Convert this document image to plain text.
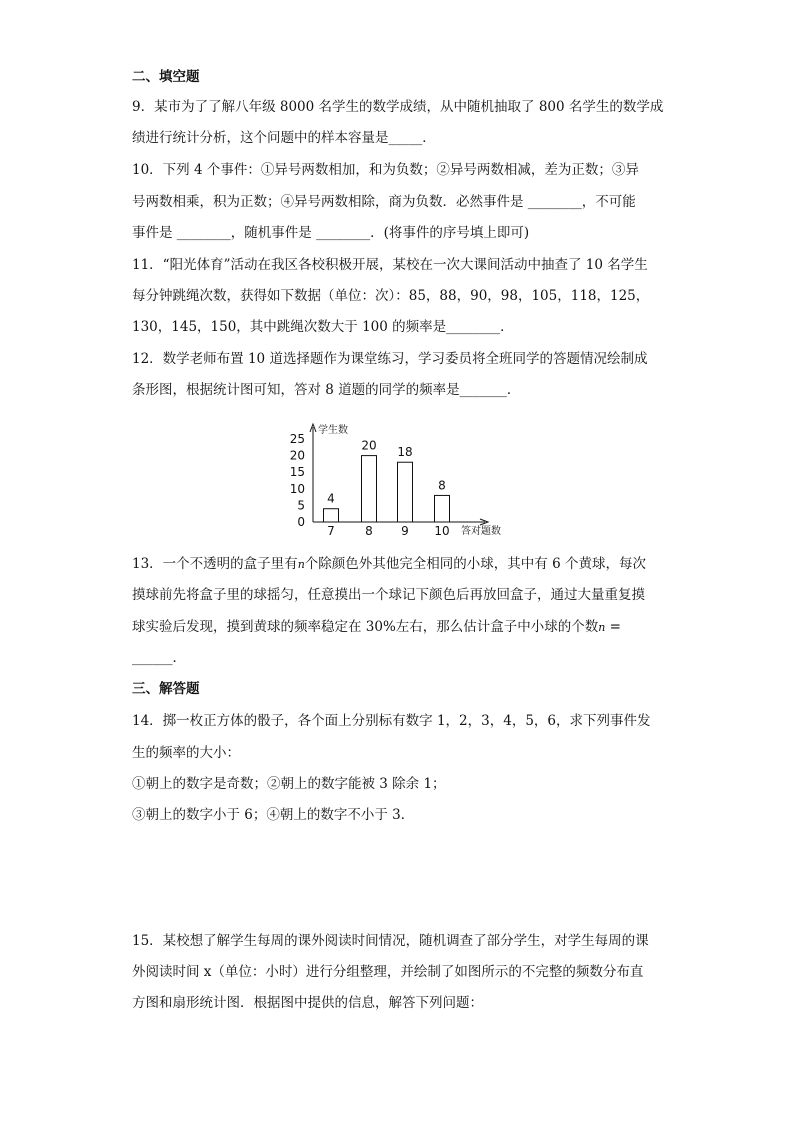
二、填空题
9．某市为了了解八年级 8000 名学生的数学成绩，从中随机抽取了 800 名学生的数学成
绩进行统计分析，这个问题中的样本容量是_____．
10．下列 4 个事件：①异号两数相加，和为负数；②异号两数相减，差为正数；③异
号两数相乘，积为正数；④异号两数相除，商为负数．必然事件是 ________，不可能
事件是 ________，随机事件是 ________．(将事件的序号填上即可)
11．“阳光体育”活动在我区各校积极开展，某校在一次大课间活动中抽查了 10 名学生
每分钟跳绳次数，获得如下数据（单位：次）：85，88，90，98，105，118，125，
130，145，150，其中跳绳次数大于 100 的频率是________．
12．数学老师布置 10 道选择题作为课堂练习，学习委员将全班同学的答题情况绘制成
条形图，根据统计图可知，答对 8 道题的同学的频率是_______．
学生数
答对题数
0
5
10
15
20
25
7	8 9 10
4
20 18
8
13．一个不透明的盒子里有n个除颜色外其他完全相同的小球，其中有 6 个黄球，每次
摸球前先将盒子里的球摇匀，任意摸出一个球记下颜色后再放回盒子，通过大量重复摸
球实验后发现，摸到黄球的频率稳定在 30%左右，那么估计盒子中小球的个数n =
______．
三、解答题
14．掷一枚正方体的骰子，各个面上分别标有数字 1，2，3，4，5，6，求下列事件发
生的频率的大小：
①朝上的数字是奇数；②朝上的数字能被 3 除余 1；
③朝上的数字小于 6；④朝上的数字不小于 3．
15．某校想了解学生每周的课外阅读时间情况，随机调查了部分学生，对学生每周的课
外阅读时间 x（单位：小时）进行分组整理，并绘制了如图所示的不完整的频数分布直
方图和扇形统计图．根据图中提供的信息，解答下列问题：
